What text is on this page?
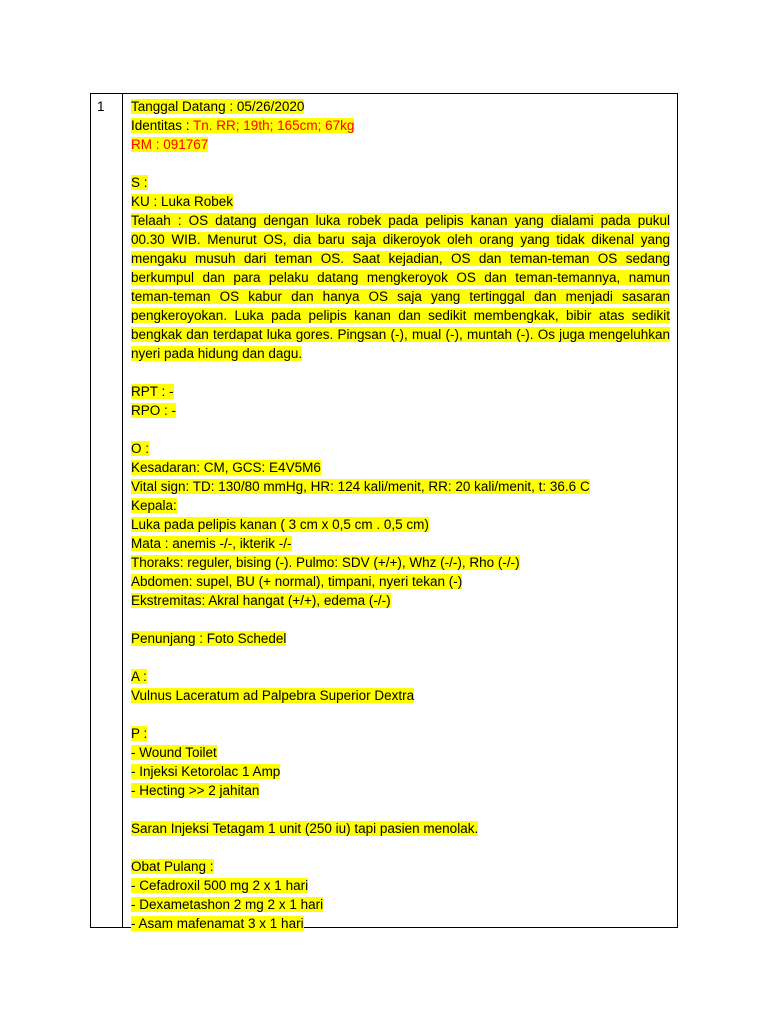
1 Tanggal Datang : 05/26/2020
Identitas : Tn. RR; 19th; 165cm; 67kg
RM : 091767
S :
KU : Luka Robek
Telaah : OS datang dengan luka robek pada pelipis kanan yang dialami pada pukul
00.30 WIB. Menurut OS, dia baru saja dikeroyok oleh orang yang tidak dikenal yang
mengaku musuh dari teman OS. Saat kejadian, OS dan teman-teman OS sedang
berkumpul dan para pelaku datang mengkeroyok OS dan teman-temannya, namun
teman-teman OS kabur dan hanya OS saja yang tertinggal dan menjadi sasaran
pengkeroyokan. Luka pada pelipis kanan dan sedikit membengkak, bibir atas sedikit
bengkak dan terdapat luka gores. Pingsan (-), mual (-), muntah (-). Os juga mengeluhkan
nyeri pada hidung dan dagu.
RPT : -
RPO : -
O :
Kesadaran: CM, GCS: E4V5M6
Vital sign: TD: 130/80 mmHg, HR: 124 kali/menit, RR: 20 kali/menit, t: 36.6 C
Kepala:
Luka pada pelipis kanan ( 3 cm x 0,5 cm . 0,5 cm)
Mata : anemis -/-, ikterik -/-
Thoraks: reguler, bising (-). Pulmo: SDV (+/+), Whz (-/-), Rho (-/-)
Abdomen: supel, BU (+ normal), timpani, nyeri tekan (-)
Ekstremitas: Akral hangat (+/+), edema (-/-)
Penunjang : Foto Schedel
A :
Vulnus Laceratum ad Palpebra Superior Dextra
P :
- Wound Toilet
- Injeksi Ketorolac 1 Amp
- Hecting >> 2 jahitan
Saran Injeksi Tetagam 1 unit (250 iu) tapi pasien menolak.
Obat Pulang :
- Cefadroxil 500 mg 2 x 1 hari
- Dexametashon 2 mg 2 x 1 hari
- Asam mafenamat 3 x 1 hari
